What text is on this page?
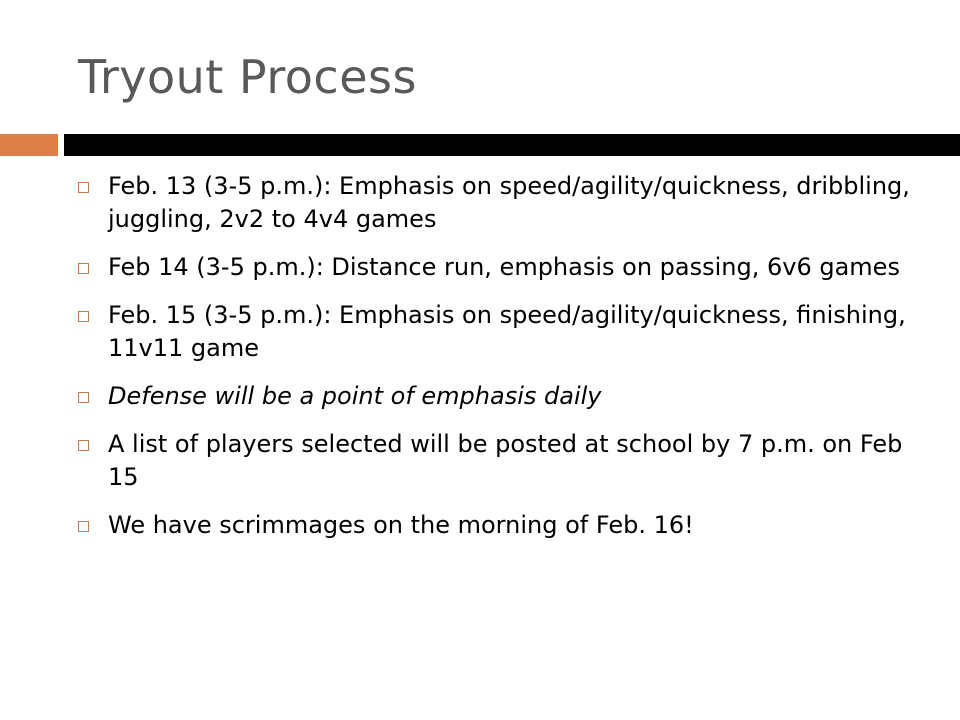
Tryout Process
Feb. 13 (3-5 p.m.): Emphasis on speed/agility/quickness, dribbling, juggling, 2v2 to 4v4 games
Feb 14 (3-5 p.m.): Distance run, emphasis on passing, 6v6 games
Feb. 15 (3-5 p.m.): Emphasis on speed/agility/quickness, finishing, 11v11 game
Defense will be a point of emphasis daily
A list of players selected will be posted at school by 7 p.m. on Feb 15
We have scrimmages on the morning of Feb. 16!
